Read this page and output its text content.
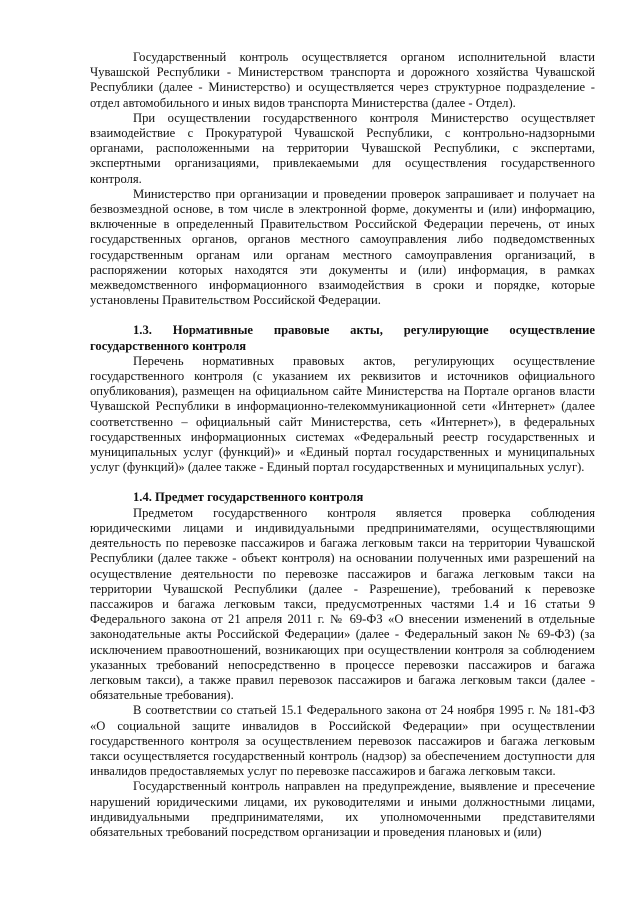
Государственный контроль осуществляется органом исполнительной власти Чувашской Республики - Министерством транспорта и дорожного хозяйства Чувашской Республики (далее - Министерство) и осуществляется через структурное подразделение - отдел автомобильного и иных видов транспорта Министерства (далее - Отдел).

При осуществлении государственного контроля Министерство осуществляет взаимодействие с Прокуратурой Чувашской Республики, с контрольно-надзорными органами, расположенными на территории Чувашской Республики, с экспертами, экспертными организациями, привлекаемыми для осуществления государственного контроля.

Министерство при организации и проведении проверок запрашивает и получает на безвозмездной основе, в том числе в электронной форме, документы и (или) информацию, включенные в определенный Правительством Российской Федерации перечень, от иных государственных органов, органов местного самоуправления либо подведомственных государственным органам или органам местного самоуправления организаций, в распоряжении которых находятся эти документы и (или) информация, в рамках межведомственного информационного взаимодействия в сроки и порядке, которые установлены Правительством Российской Федерации.

1.3. Нормативные правовые акты, регулирующие осуществление государственного контроля

Перечень нормативных правовых актов, регулирующих осуществление государственного контроля (с указанием их реквизитов и источников официального опубликования), размещен на официальном сайте Министерства на Портале органов власти Чувашской Республики в информационно-телекоммуникационной сети «Интернет» (далее соответственно – официальный сайт Министерства, сеть «Интернет»), в федеральных государственных информационных системах «Федеральный реестр государственных и муниципальных услуг (функций)» и «Единый портал государственных и муниципальных услуг (функций)» (далее также - Единый портал государственных и муниципальных услуг).

1.4. Предмет государственного контроля

Предметом государственного контроля является проверка соблюдения юридическими лицами и индивидуальными предпринимателями, осуществляющими деятельность по перевозке пассажиров и багажа легковым такси на территории Чувашской Республики (далее также - объект контроля) на основании полученных ими разрешений на осуществление деятельности по перевозке пассажиров и багажа легковым такси на территории Чувашской Республики (далее - Разрешение), требований к перевозке пассажиров и багажа легковым такси, предусмотренных частями 1.4 и 16 статьи 9 Федерального закона от 21 апреля 2011 г. № 69-ФЗ «О внесении изменений в отдельные законодательные акты Российской Федерации» (далее - Федеральный закон № 69-ФЗ) (за исключением правоотношений, возникающих при осуществлении контроля за соблюдением указанных требований непосредственно в процессе перевозки пассажиров и багажа легковым такси), а также правил перевозок пассажиров и багажа легковым такси (далее - обязательные требования).

В соответствии со статьей 15.1 Федерального закона от 24 ноября 1995 г. № 181-ФЗ «О социальной защите инвалидов в Российской Федерации» при осуществлении государственного контроля за осуществлением перевозок пассажиров и багажа легковым такси осуществляется государственный контроль (надзор) за обеспечением доступности для инвалидов предоставляемых услуг по перевозке пассажиров и багажа легковым такси.

Государственный контроль направлен на предупреждение, выявление и пресечение нарушений юридическими лицами, их руководителями и иными должностными лицами, индивидуальными предпринимателями, их уполномоченными представителями обязательных требований посредством организации и проведения плановых и (или)
